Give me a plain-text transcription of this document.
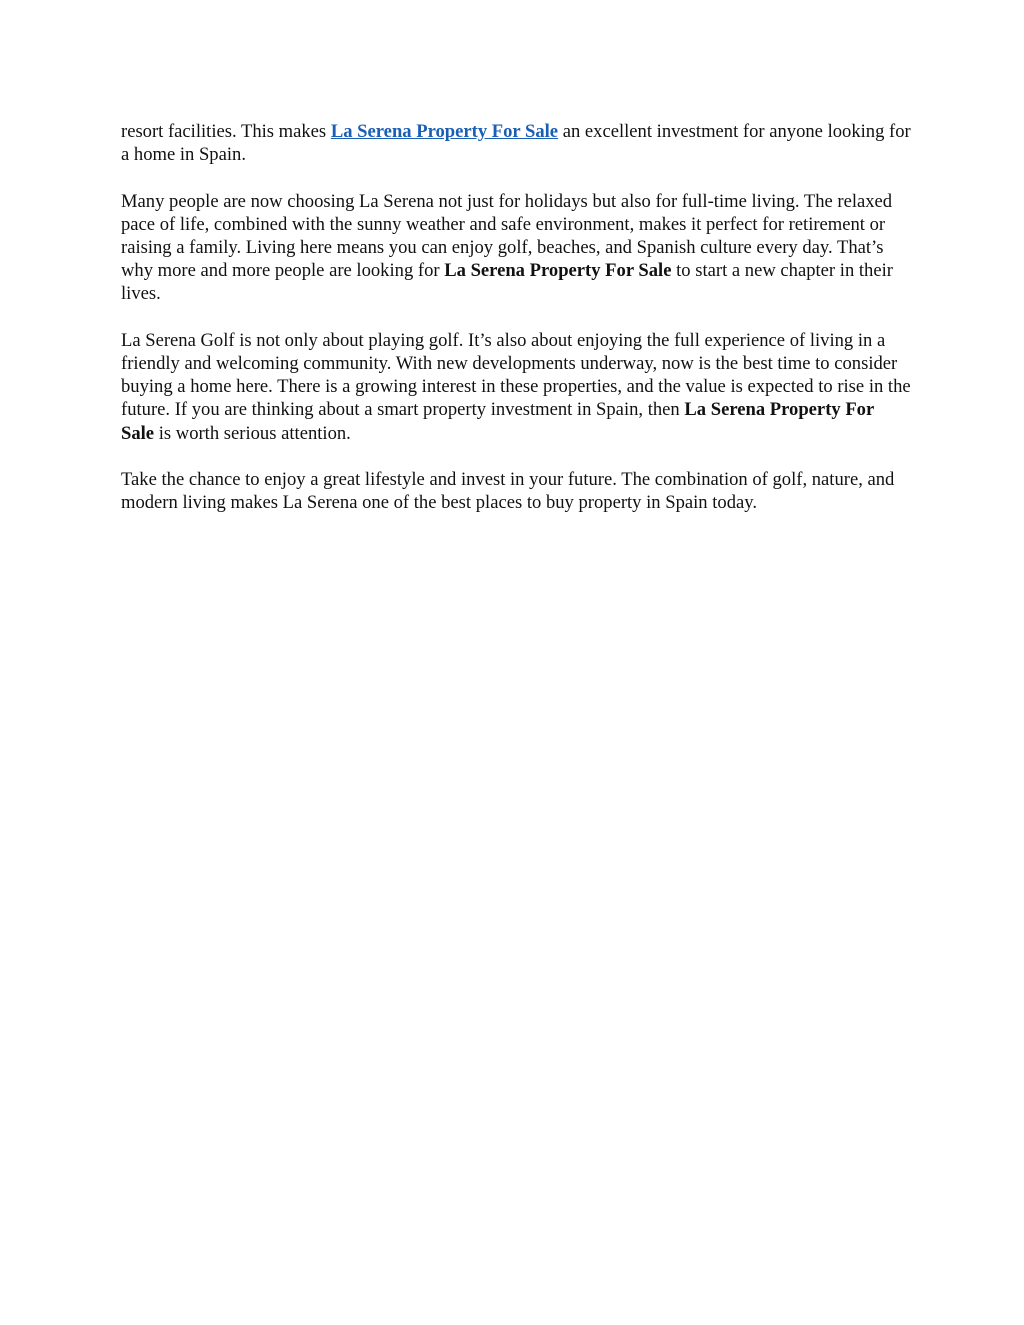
resort facilities. This makes La Serena Property For Sale an excellent investment for anyone looking for a home in Spain.

Many people are now choosing La Serena not just for holidays but also for full-time living. The relaxed pace of life, combined with the sunny weather and safe environment, makes it perfect for retirement or raising a family. Living here means you can enjoy golf, beaches, and Spanish culture every day. That’s why more and more people are looking for La Serena Property For Sale to start a new chapter in their lives.

La Serena Golf is not only about playing golf. It’s also about enjoying the full experience of living in a friendly and welcoming community. With new developments underway, now is the best time to consider buying a home here. There is a growing interest in these properties, and the value is expected to rise in the future. If you are thinking about a smart property investment in Spain, then La Serena Property For Sale is worth serious attention.

Take the chance to enjoy a great lifestyle and invest in your future. The combination of golf, nature, and modern living makes La Serena one of the best places to buy property in Spain today.
